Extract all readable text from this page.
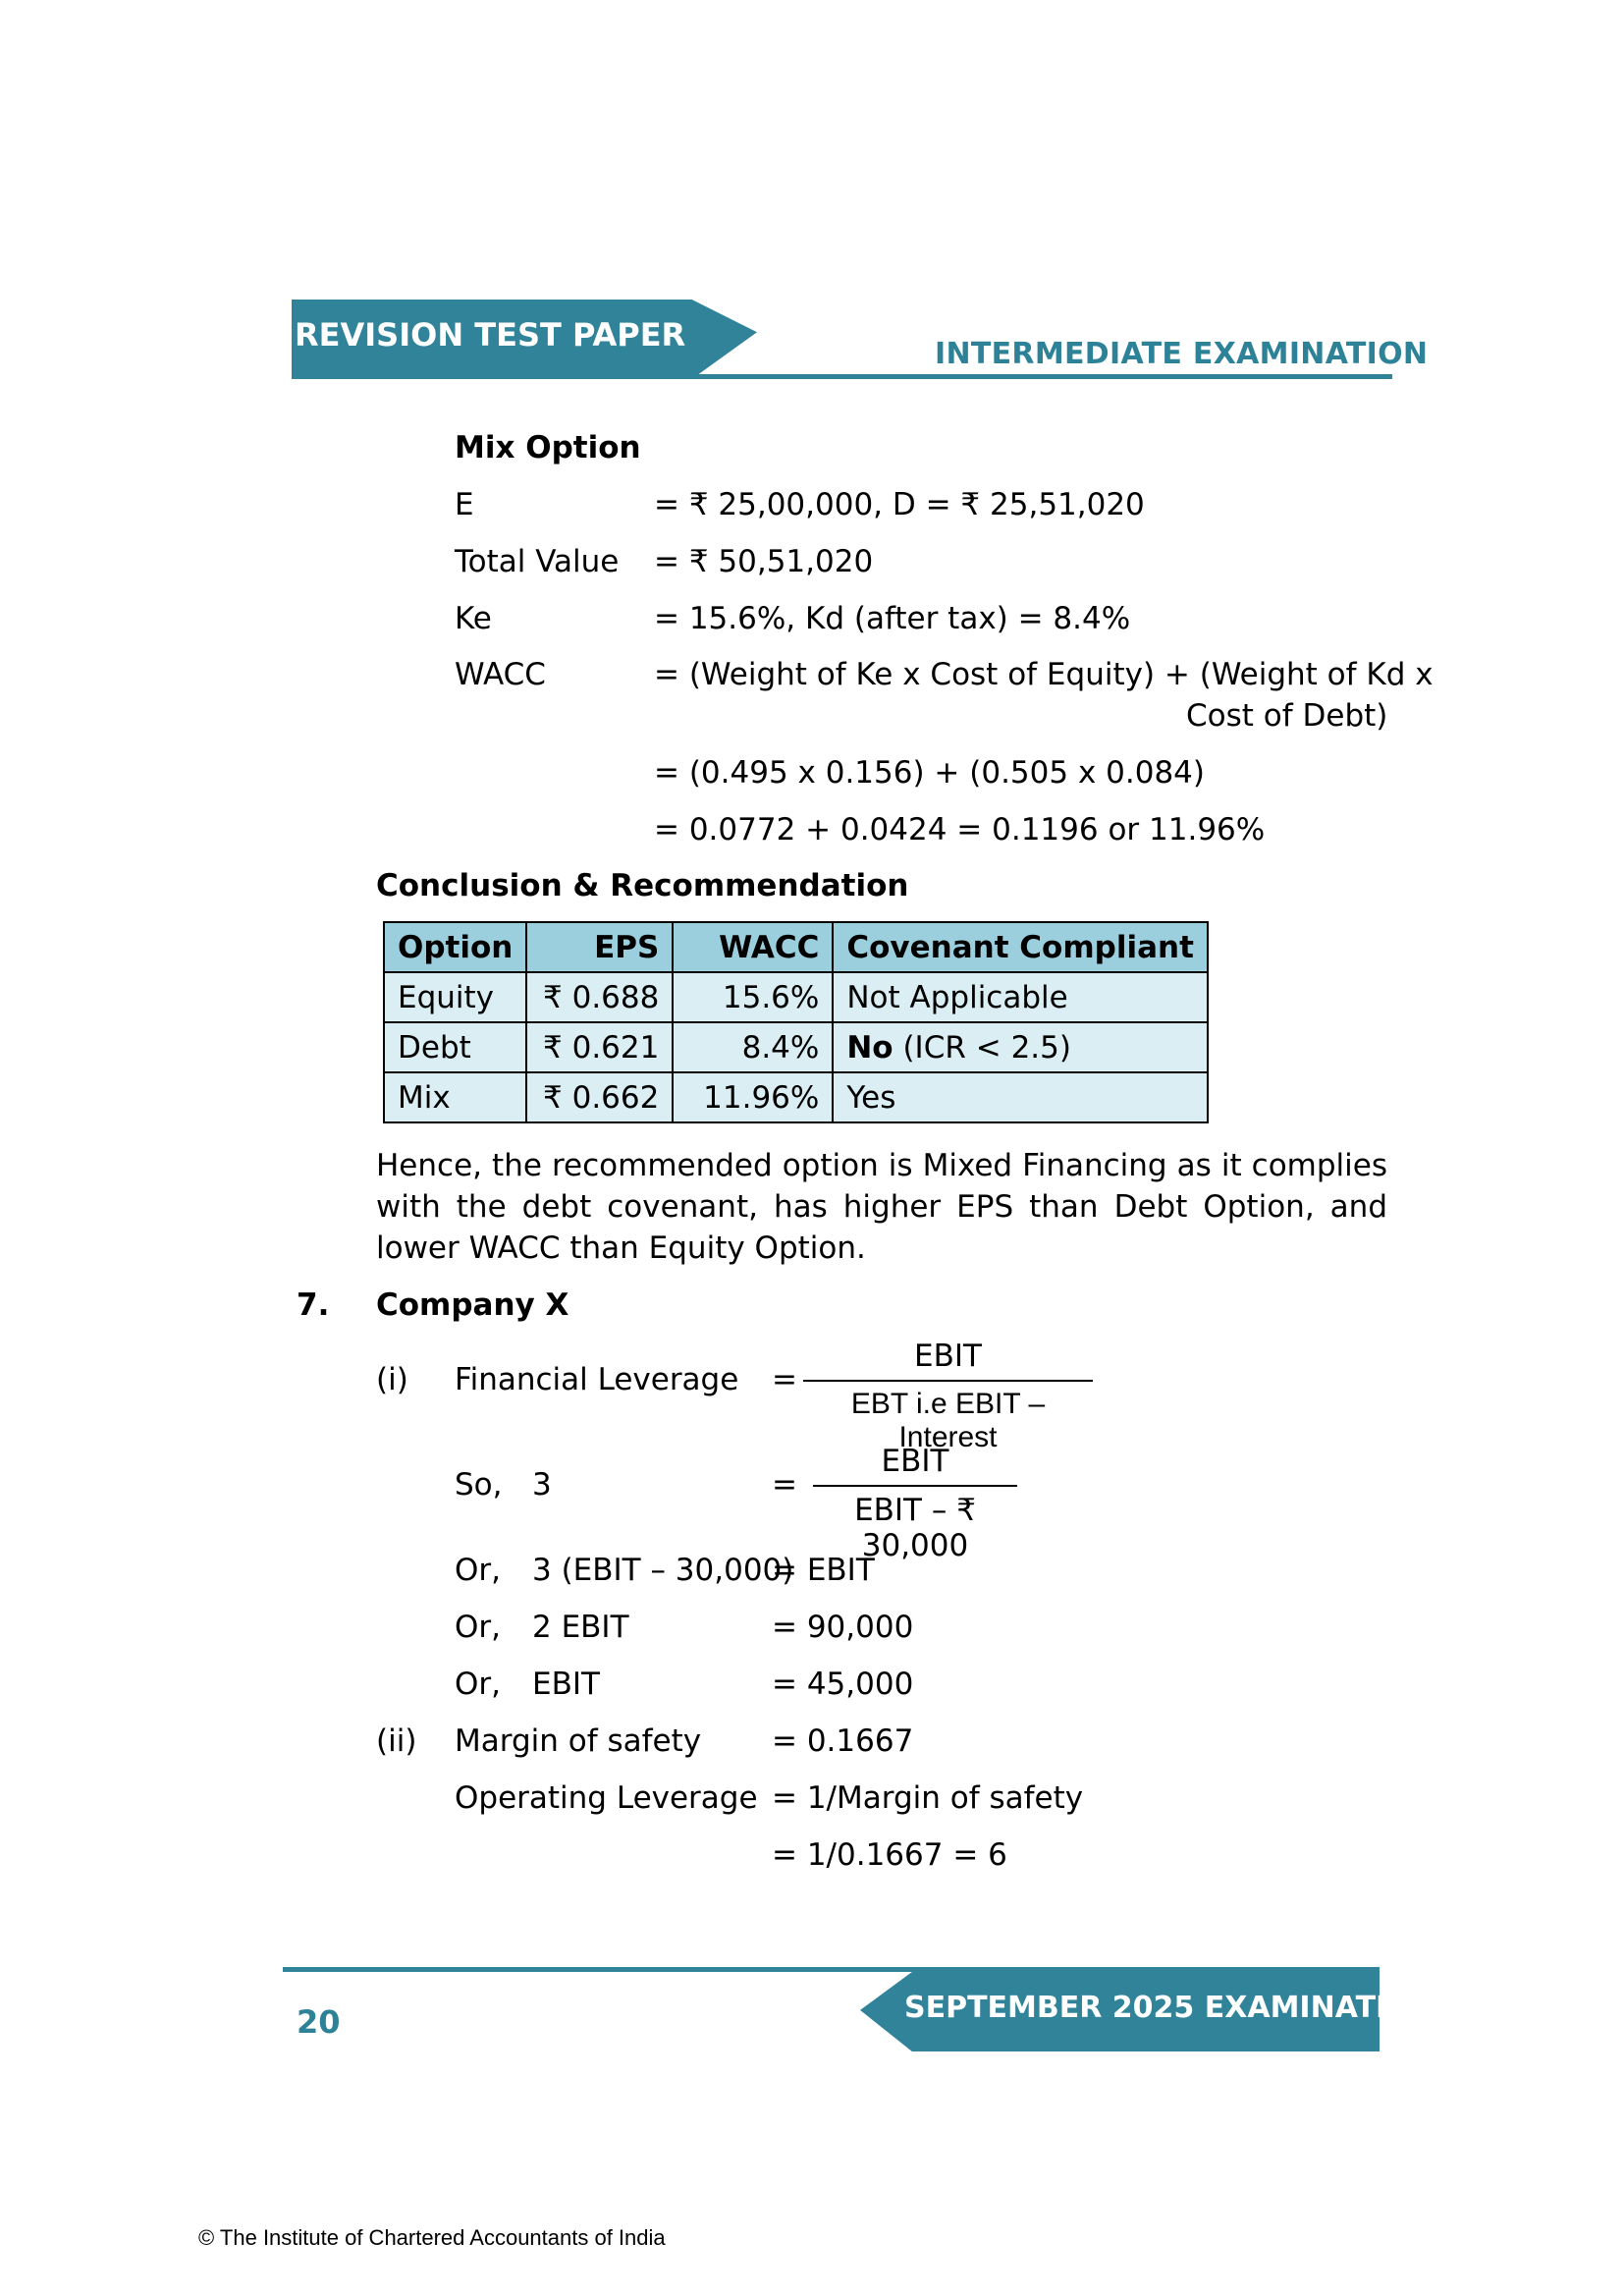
REVISION TEST PAPER
INTERMEDIATE EXAMINATION
Mix Option
E	= ₹ 25,00,000, D = ₹ 25,51,020
Total Value = ₹ 50,51,020
Ke	= 15.6%, Kd (after tax) = 8.4%
WACC	= (Weight of Ke x Cost of Equity) + (Weight of Kd x
Cost of Debt)
= (0.495 x 0.156) + (0.505 x 0.084)
= 0.0772 + 0.0424 = 0.1196 or 11.96%
Conclusion & Recommendation
Option	EPS	WACC	Covenant Compliant
Equity	₹ 0.688	15.6%	Not Applicable
Debt	₹ 0.621	8.4%	No (ICR < 2.5)
Mix	₹ 0.662	11.96%	Yes
Hence, the recommended option is Mixed Financing as it complies with the debt covenant, has higher EPS than Debt Option, and lower WACC than Equity Option.
7. Company X
(i) Financial Leverage =
EBIT
EBT i.e EBIT – Interest
So, 3	=
EBIT
EBIT – ₹ 30,000
Or, 3 (EBIT – 30,000)
= EBIT
Or, 2 EBIT	= 90,000
Or, EBIT	= 45,000
(ii) Margin of safety = 0.1667
Operating Leverage = 1/Margin of safety
= 1/0.1667 = 6
SEPTEMBER 2025 EXAMINATION
20
© The Institute of Chartered Accountants of India
